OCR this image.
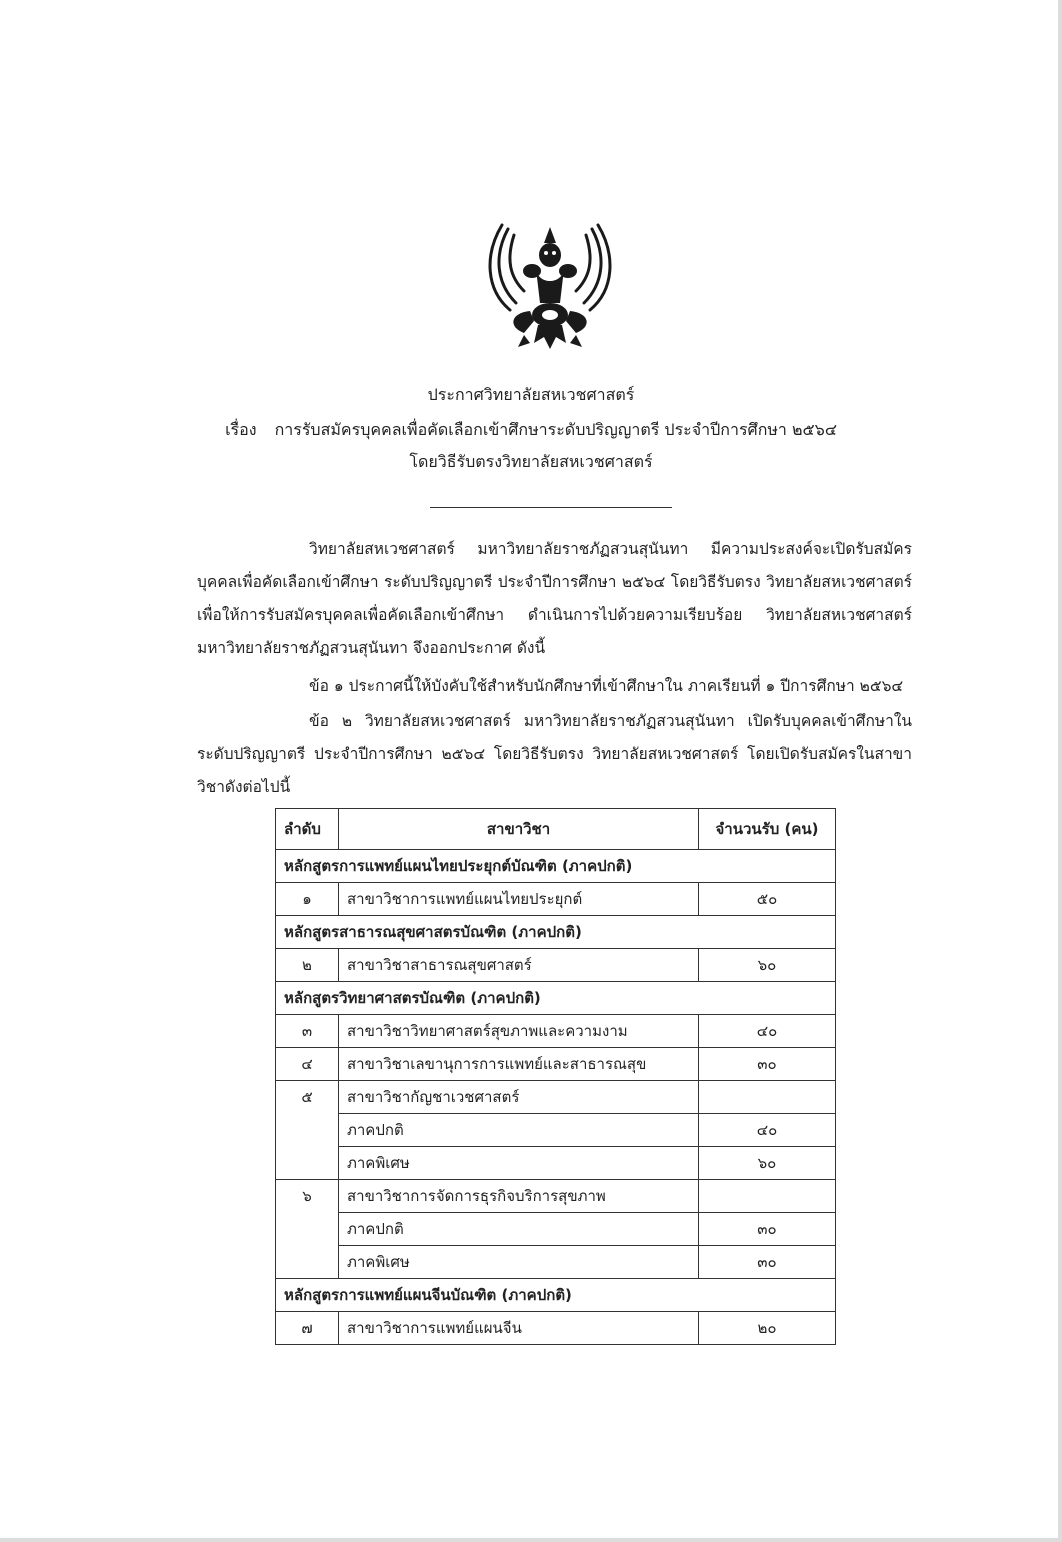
ประกาศวิทยาลัยสหเวชศาสตร์
เรื่อง การรับสมัครบุคคลเพื่อคัดเลือกเข้าศึกษาระดับปริญญาตรี ประจำปีการศึกษา ๒๕๖๔
โดยวิธีรับตรงวิทยาลัยสหเวชศาสตร์
วิทยาลัยสหเวชศาสตร์ มหาวิทยาลัยราชภัฏสวนสุนันทา มีความประสงค์จะเปิดรับสมัครบุคคลเพื่อคัดเลือกเข้าศึกษา ระดับปริญญาตรี ประจำปีการศึกษา ๒๕๖๔ โดยวิธีรับตรง วิทยาลัยสหเวชศาสตร์ เพื่อให้การรับสมัครบุคคลเพื่อคัดเลือกเข้าศึกษา ดำเนินการไปด้วยความเรียบร้อย วิทยาลัยสหเวชศาสตร์ มหาวิทยาลัยราชภัฏสวนสุนันทา จึงออกประกาศ ดังนี้
ข้อ ๑ ประกาศนี้ให้บังคับใช้สำหรับนักศึกษาที่เข้าศึกษาใน ภาคเรียนที่ ๑ ปีการศึกษา ๒๕๖๔
ข้อ ๒ วิทยาลัยสหเวชศาสตร์ มหาวิทยาลัยราชภัฏสวนสุนันทา เปิดรับบุคคลเข้าศึกษาใน ระดับปริญญาตรี ประจำปีการศึกษา ๒๕๖๔ โดยวิธีรับตรง วิทยาลัยสหเวชศาสตร์ โดยเปิดรับสมัครในสาขาวิชาดังต่อไปนี้
ลำดับ	สาขาวิชา	จำนวนรับ (คน)
หลักสูตรการแพทย์แผนไทยประยุกต์บัณฑิต (ภาคปกติ)		
๑	สาขาวิชาการแพทย์แผนไทยประยุกต์	๕๐
หลักสูตรสาธารณสุขศาสตรบัณฑิต (ภาคปกติ)		
๒	สาขาวิชาสาธารณสุขศาสตร์	๖๐
หลักสูตรวิทยาศาสตรบัณฑิต (ภาคปกติ)		
๓	สาขาวิชาวิทยาศาสตร์สุขภาพและความงาม	๔๐
๔	สาขาวิชาเลขานุการการแพทย์และสาธารณสุข	๓๐
๕	สาขาวิชากัญชาเวชศาสตร์	
	ภาคปกติ	๔๐
	ภาคพิเศษ	๖๐
๖	สาขาวิชาการจัดการธุรกิจบริการสุขภาพ	
	ภาคปกติ	๓๐
	ภาคพิเศษ	๓๐
หลักสูตรการแพทย์แผนจีนบัณฑิต (ภาคปกติ)		
๗	สาขาวิชาการแพทย์แผนจีน	๒๐
